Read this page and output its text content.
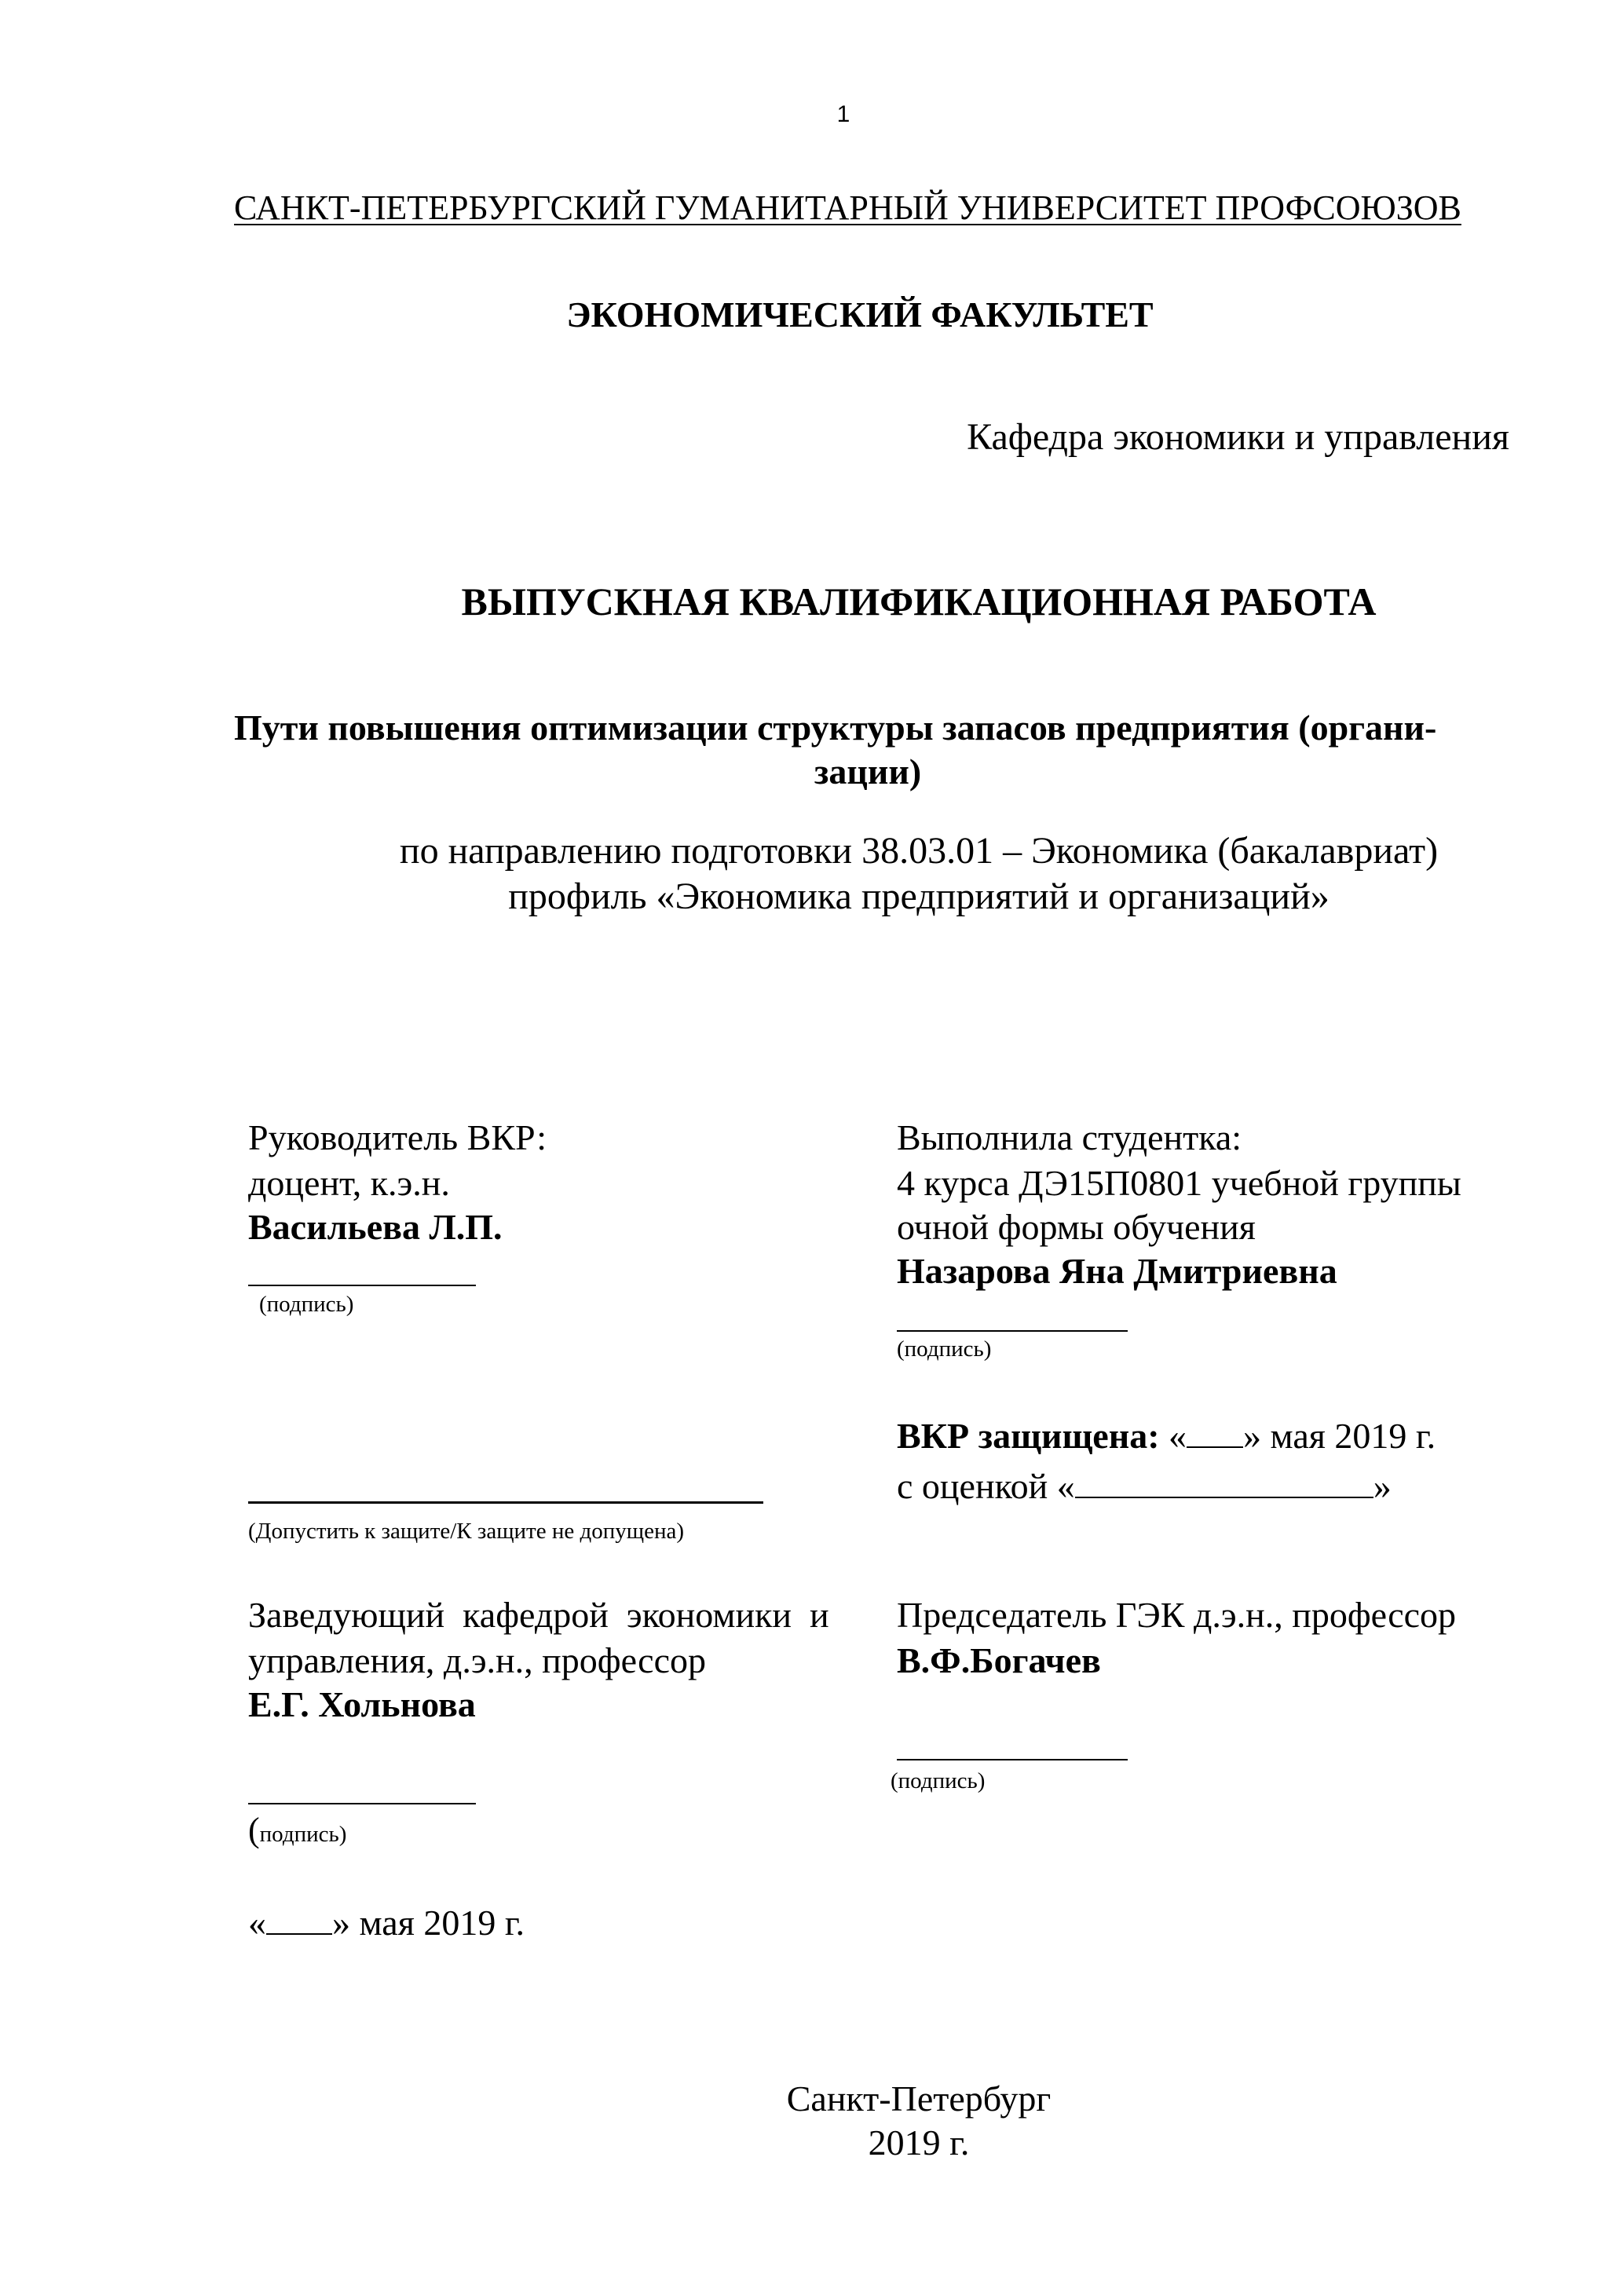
1
САНКТ-ПЕТЕРБУРГСКИЙ ГУМАНИТАРНЫЙ УНИВЕРСИТЕТ ПРОФСОЮЗОВ
ЭКОНОМИЧЕСКИЙ ФАКУЛЬТЕТ
Кафедра экономики и управления
ВЫПУСКНАЯ КВАЛИФИКАЦИОННАЯ РАБОТА
Пути повышения оптимизации структуры запасов предприятия (органи-
зации)
по направлению подготовки 38.03.01 – Экономика (бакалавриат)
профиль «Экономика предприятий и организаций»
Руководитель ВКР:
доцент, к.э.н.
Васильева Л.П.
(подпись)
Выполнила студентка:
4 курса ДЭ15П0801 учебной группы
очной формы обучения
Назарова Яна Дмитриевна
(подпись)
(Допустить к защите/К защите не допущена)
ВКР защищена: « » мая 2019 г.
с оценкой «	»
Заведующий  кафедрой  экономики  и
управления, д.э.н., профессор
Е.Г. Хольнова
(подпись)
« » мая 2019 г.
Председатель ГЭК д.э.н., профессор
В.Ф.Богачев
(подпись)
Санкт-Петербург
2019 г.
